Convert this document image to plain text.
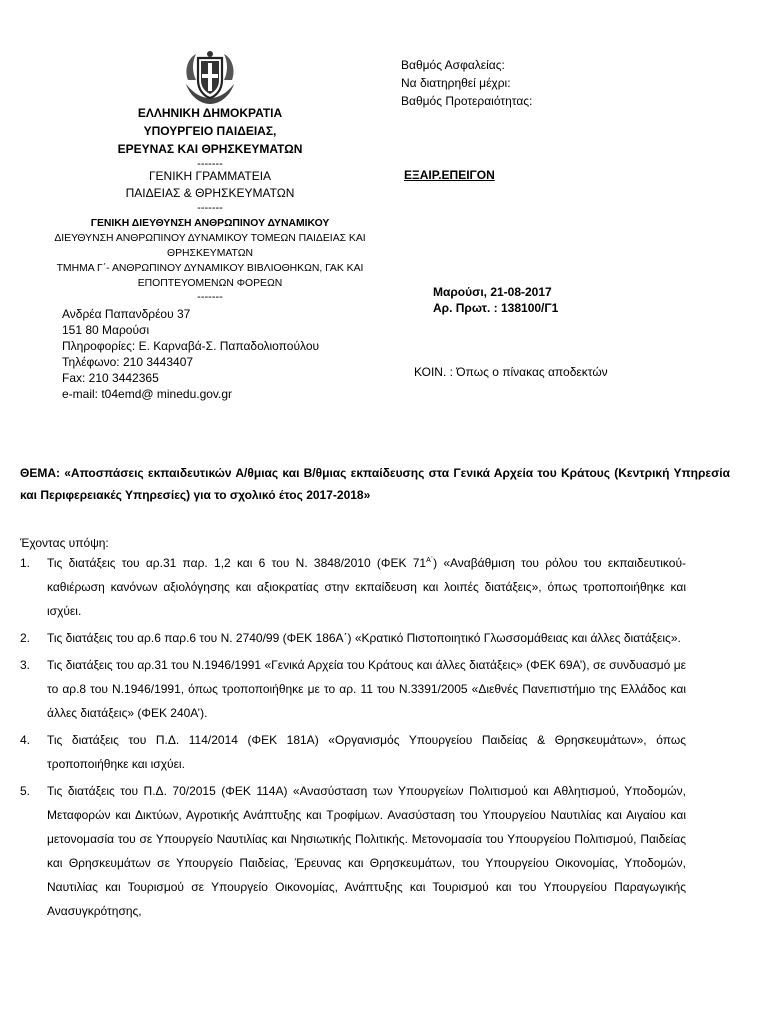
ΕΛΛΗΝΙΚΗ ΔΗΜΟΚΡΑΤΙΑ
ΥΠΟΥΡΓΕΙΟ ΠΑΙΔΕΙΑΣ,
ΕΡΕΥΝΑΣ ΚΑΙ ΘΡΗΣΚΕΥΜΑΤΩΝ
-------
ΓΕΝΙΚΗ ΓΡΑΜΜΑΤΕΙΑ
ΠΑΙΔΕΙΑΣ & ΘΡΗΣΚΕΥΜΑΤΩΝ
-------
ΓΕΝΙΚΗ ΔΙΕΥΘΥΝΣΗ ΑΝΘΡΩΠΙΝΟΥ ΔΥΝΑΜΙΚΟΥ
ΔΙΕΥΘΥΝΣΗ ΑΝΘΡΩΠΙΝΟΥ ΔΥΝΑΜΙΚΟΥ ΤΟΜΕΩΝ ΠΑΙΔΕΙΑΣ ΚΑΙ
ΘΡΗΣΚΕΥΜΑΤΩΝ
ΤΜΗΜΑ Γ΄- ΑΝΘΡΩΠΙΝΟΥ ΔΥΝΑΜΙΚΟΥ ΒΙΒΛΙΟΘΗΚΩΝ, ΓΑΚ ΚΑΙ
ΕΠΟΠΤΕΥΟΜΕΝΩΝ ΦΟΡΕΩΝ
-------
Βαθμός Ασφαλείας:
Να διατηρηθεί μέχρι:
Βαθμός Προτεραιότητας:
ΕΞΑΙΡ.ΕΠΕΙΓΟΝ
Μαρούσι, 21-08-2017
Αρ. Πρωτ. : 138100/Γ1
ΚΟΙΝ. : Όπως ο πίνακας αποδεκτών
Ανδρέα Παπανδρέου 37
151 80 Μαρούσι
Πληροφορίες: Ε. Καρναβά-Σ. Παπαδολιοπούλου
Τηλέφωνο: 210 3443407
Fax: 210 3442365
e-mail: t04emd@ minedu.gov.gr
ΘΕΜΑ: «Αποσπάσεις εκπαιδευτικών Α/θμιας και Β/θμιας εκπαίδευσης στα Γενικά Αρχεία του Κράτους (Κεντρική Υπηρεσία και Περιφερειακές Υπηρεσίες) για το σχολικό έτος 2017-2018»
Έχοντας υπόψη:
1.	Τις διατάξεις του αρ.31 παρ. 1,2 και 6 του Ν. 3848/2010 (ΦΕΚ $71^{A΄}$) «Αναβάθμιση του ρόλου του εκπαιδευτικού-καθιέρωση κανόνων αξιολόγησης και αξιοκρατίας στην εκπαίδευση και λοιπές διατάξεις», όπως τροποποιήθηκε και ισχύει.
2.	Τις διατάξεις του αρ.6 παρ.6 του Ν. 2740/99 (ΦΕΚ 186Α΄) «Κρατικό Πιστοποιητικό Γλωσσομάθειας και άλλες διατάξεις».
3.	Τις διατάξεις του αρ.31 του Ν.1946/1991 «Γενικά Αρχεία του Κράτους και άλλες διατάξεις» (ΦΕΚ 69Α’), σε συνδυασμό με το αρ.8 του Ν.1946/1991, όπως τροποποιήθηκε με το αρ. 11 του Ν.3391/2005 «Διεθνές Πανεπιστήμιο της Ελλάδος και άλλες διατάξεις» (ΦΕΚ 240Α’).
4.	Τις διατάξεις του Π.Δ. 114/2014 (ΦΕΚ 181Α) «Οργανισμός Υπουργείου Παιδείας & Θρησκευμάτων», όπως τροποποιήθηκε και ισχύει.
5.	Τις διατάξεις του Π.Δ. 70/2015 (ΦΕΚ 114Α) «Ανασύσταση των Υπουργείων Πολιτισμού και Αθλητισμού, Υποδομών, Μεταφορών και Δικτύων, Αγροτικής Ανάπτυξης και Τροφίμων. Ανασύσταση του Υπουργείου Ναυτιλίας και Αιγαίου και μετονομασία του σε Υπουργείο Ναυτιλίας και Νησιωτικής Πολιτικής. Μετονομασία του Υπουργείου Πολιτισμού, Παιδείας και Θρησκευμάτων σε Υπουργείο Παιδείας, Έρευνας και Θρησκευμάτων, του Υπουργείου Οικονομίας, Υποδομών, Ναυτιλίας και Τουρισμού σε Υπουργείο Οικονομίας, Ανάπτυξης και Τουρισμού και του Υπουργείου Παραγωγικής Ανασυγκρότησης,
